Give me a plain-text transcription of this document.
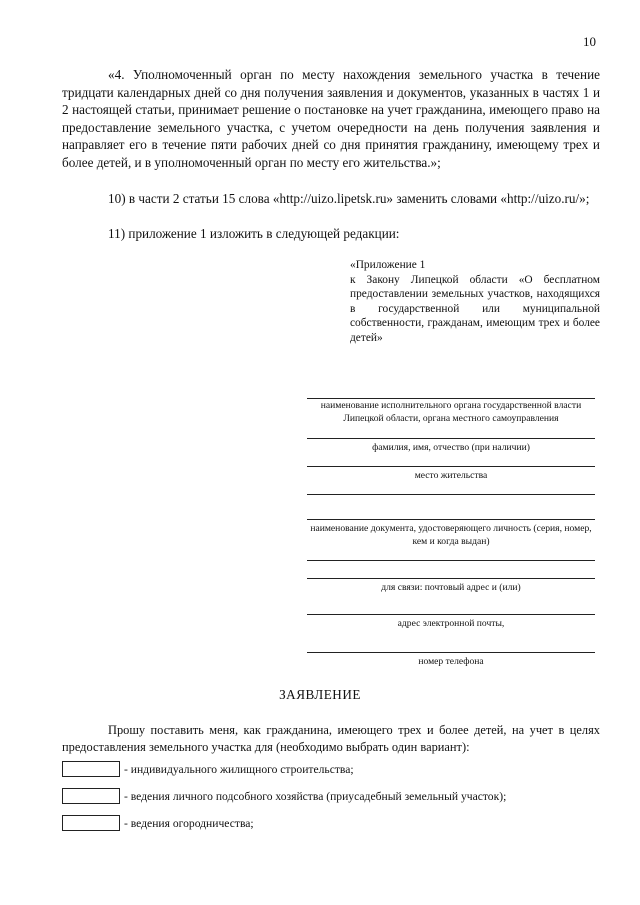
10

«4. Уполномоченный орган по месту нахождения земельного участка в течение тридцати календарных дней со дня получения заявления и документов, указанных в частях 1 и 2 настоящей статьи, принимает решение о постановке на учет гражданина, имеющего право на предоставление земельного участка, с учетом очередности на день получения заявления и направляет его в течение пяти рабочих дней со дня принятия гражданину, имеющему трех и более детей, и в уполномоченный орган по месту его жительства.»;

10) в части 2 статьи 15 слова «http://uizo.lipetsk.ru» заменить словами «http://uizo.ru/»;

11) приложение 1 изложить в следующей редакции:

«Приложение 1

к Закону Липецкой области «О бесплатном предоставлении земельных участков, находящихся в государственной или муниципальной собственности, гражданам, имеющим трех и более детей»

наименование исполнительного органа государственной власти Липецкой области, органа местного самоуправления

фамилия, имя, отчество (при наличии)

место жительства

наименование документа, удостоверяющего личность (серия, номер, кем и когда выдан)

для связи: почтовый адрес и (или)

адрес электронной почты,

номер телефона

ЗАЯВЛЕНИЕ

Прошу поставить меня, как гражданина, имеющего трех и более детей, на учет в целях предоставления земельного участка для (необходимо выбрать один вариант):

- индивидуального жилищного строительства;
- ведения личного подсобного хозяйства (приусадебный земельный участок);
- ведения огородничества;
